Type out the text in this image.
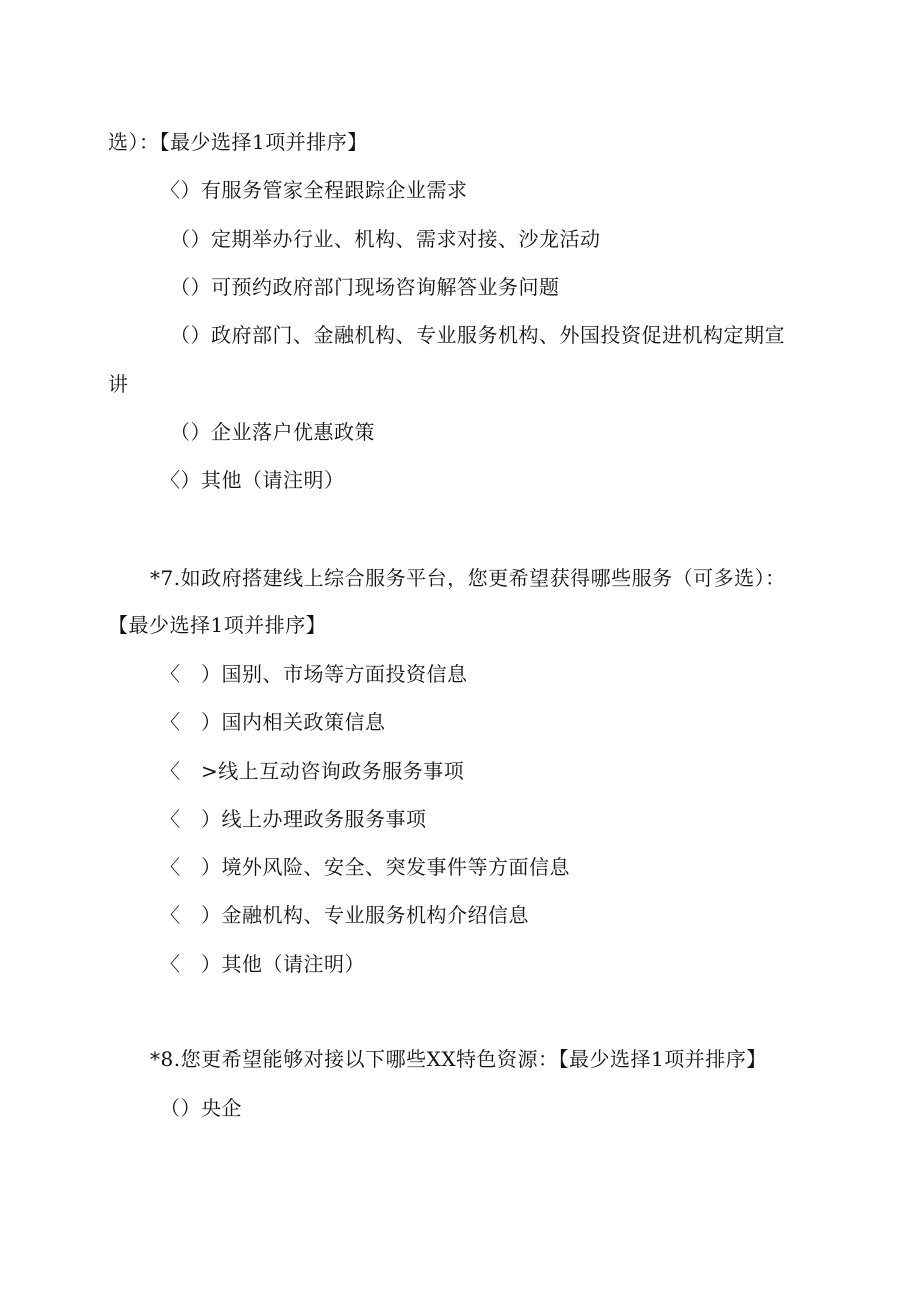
选）：【最少选择1项并排序】
〈）有服务管家全程跟踪企业需求
（）定期举办行业、机构、需求对接、沙龙活动
（）可预约政府部门现场咨询解答业务问题
（）政府部门、金融机构、专业服务机构、外国投资促进机构定期宣
讲
（）企业落户优惠政策
〈）其他（请注明）
*7.如政府搭建线上综合服务平台，您更希望获得哪些服务（可多选）：
【最少选择1项并排序】
〈　）国别、市场等方面投资信息
〈　）国内相关政策信息
〈　>线上互动咨询政务服务事项
〈　）线上办理政务服务事项
〈　）境外风险、安全、突发事件等方面信息
〈　）金融机构、专业服务机构介绍信息
〈　）其他（请注明）
*8.您更希望能够对接以下哪些XX特色资源：【最少选择1项并排序】
（）央企
